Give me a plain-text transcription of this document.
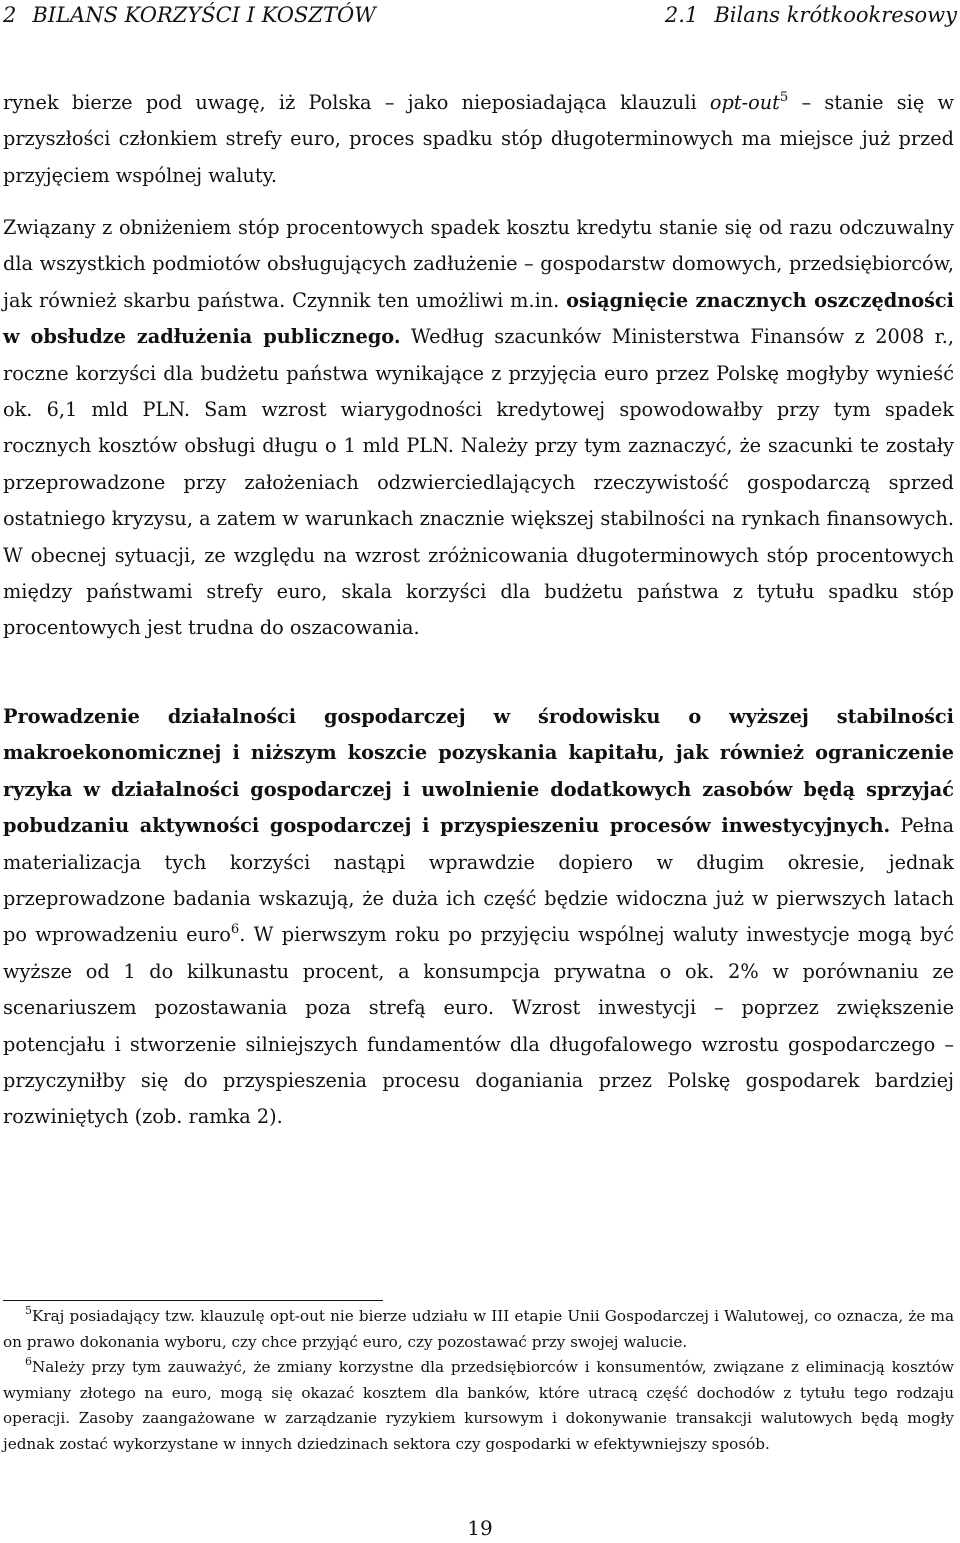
2 BILANS KORZYŚCI I KOSZTÓW	2.1 Bilans krótkookresowy

rynek bierze pod uwagę, iż Polska – jako nieposiadająca klauzuli opt-out$^5$ – stanie się w przyszłości członkiem strefy euro, proces spadku stóp długoterminowych ma miejsce już przed przyjęciem wspólnej waluty.

Związany z obniżeniem stóp procentowych spadek kosztu kredytu stanie się od razu odczuwalny dla wszystkich podmiotów obsługujących zadłużenie – gospodarstw domowych, przedsiębiorców, jak również skarbu państwa. Czynnik ten umożliwi m.in. osiągnięcie znacznych oszczędności w obsłudze zadłużenia publicznego. Według szacunków Ministerstwa Finansów z 2008 r., roczne korzyści dla budżetu państwa wynikające z przyjęcia euro przez Polskę mogłyby wynieść ok. 6,1 mld PLN. Sam wzrost wiarygodności kredytowej spowodowałby przy tym spadek rocznych kosztów obsługi długu o 1 mld PLN. Należy przy tym zaznaczyć, że szacunki te zostały przeprowadzone przy założeniach odzwierciedlających rzeczywistość gospodarczą sprzed ostatniego kryzysu, a zatem w warunkach znacznie większej stabilności na rynkach finansowych. W obecnej sytuacji, ze względu na wzrost zróżnicowania długoterminowych stóp procentowych między państwami strefy euro, skala korzyści dla budżetu państwa z tytułu spadku stóp procentowych jest trudna do oszacowania.

Prowadzenie działalności gospodarczej w środowisku o wyższej stabilności makroekonomicznej i niższym koszcie pozyskania kapitału, jak również ograniczenie ryzyka w działalności gospodarczej i uwolnienie dodatkowych zasobów będą sprzyjać pobudzaniu aktywności gospodarczej i przyspieszeniu procesów inwestycyjnych. Pełna materializacja tych korzyści nastąpi wprawdzie dopiero w długim okresie, jednak przeprowadzone badania wskazują, że duża ich część będzie widoczna już w pierwszych latach po wprowadzeniu euro$^6$. W pierwszym roku po przyjęciu wspólnej waluty inwestycje mogą być wyższe od 1 do kilkunastu procent, a konsumpcja prywatna o ok. 2% w porównaniu ze scenariuszem pozostawania poza strefą euro. Wzrost inwestycji – poprzez zwiększenie potencjału i stworzenie silniejszych fundamentów dla długofalowego wzrostu gospodarczego – przyczyniłby się do przyspieszenia procesu doganiania przez Polskę gospodarek bardziej rozwiniętych (zob. ramka 2).

$^5$Kraj posiadający tzw. klauzulę opt-out nie bierze udziału w III etapie Unii Gospodarczej i Walutowej, co oznacza, że ma on prawo dokonania wyboru, czy chce przyjąć euro, czy pozostawać przy swojej walucie.

$^6$Należy przy tym zauważyć, że zmiany korzystne dla przedsiębiorców i konsumentów, związane z eliminacją kosztów wymiany złotego na euro, mogą się okazać kosztem dla banków, które utracą część dochodów z tytułu tego rodzaju operacji. Zasoby zaangażowane w zarządzanie ryzykiem kursowym i dokonywanie transakcji walutowych będą mogły jednak zostać wykorzystane w innych dziedzinach sektora czy gospodarki w efektywniejszy sposób.

19
